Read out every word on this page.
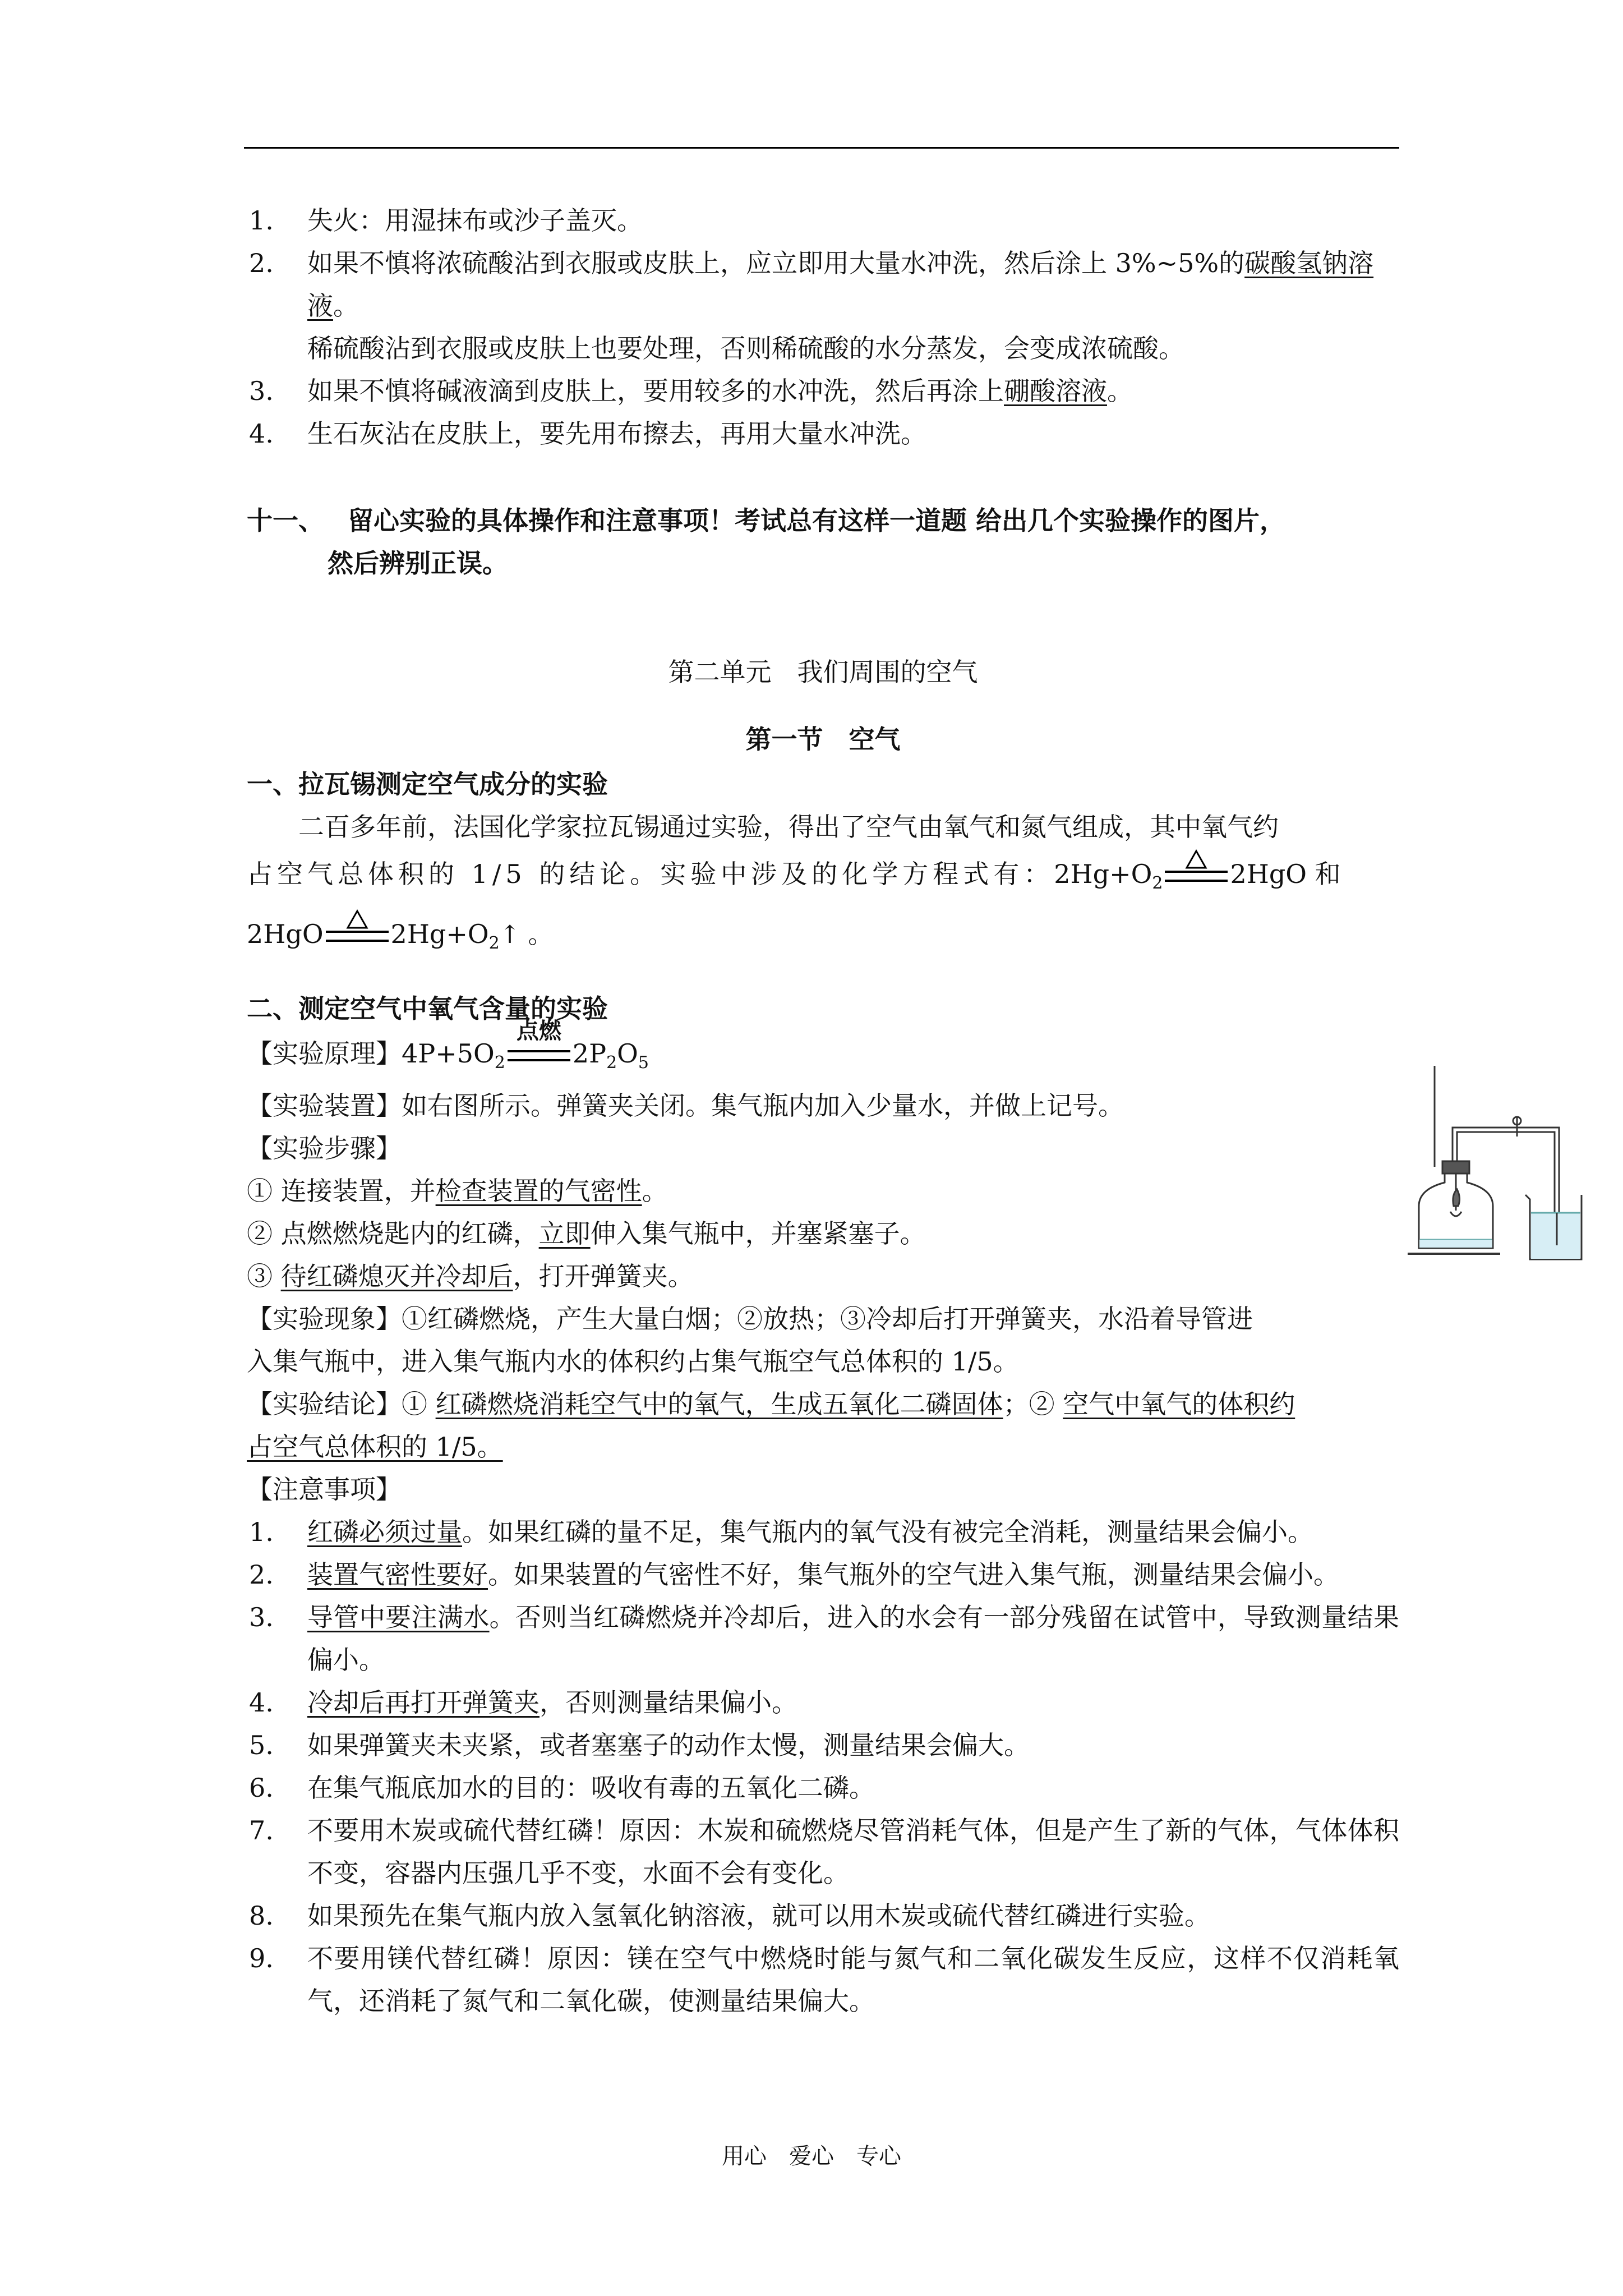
1. 失火：用湿抹布或沙子盖灭。
2. 如果不慎将浓硫酸沾到衣服或皮肤上，应立即用大量水冲洗，然后涂上 3%~5%的碳酸氢钠溶液。
稀硫酸沾到衣服或皮肤上也要处理，否则稀硫酸的水分蒸发，会变成浓硫酸。
3. 如果不慎将碱液滴到皮肤上，要用较多的水冲洗，然后再涂上硼酸溶液。
4. 生石灰沾在皮肤上，要先用布擦去，再用大量水冲洗。
十一、 留心实验的具体操作和注意事项！考试总有这样一道题 给出几个实验操作的图片，
然后辨别正误。
第二单元　我们周围的空气
第一节　空气
一、拉瓦锡测定空气成分的实验
二百多年前，法国化学家拉瓦锡通过实验，得出了空气由氧气和氮气组成，其中氧气约
占空气总体积的 1/5 的结论。实验中涉及的化学方程式有：$2Hg+O_2$	2HgO 和
2HgO	$2Hg+O_2↑$ 。
二、测定空气中氧气含量的实验
【实验原理】$4P+5O_2$
点燃
$2P_2O_5$
【实验装置】如右图所示。弹簧夹关闭。集气瓶内加入少量水，并做上记号。
【实验步骤】
① 连接装置，并检查装置的气密性。
② 点燃燃烧匙内的红磷，立即伸入集气瓶中，并塞紧塞子。
③ 待红磷熄灭并冷却后，打开弹簧夹。
【实验现象】①红磷燃烧，产生大量白烟；②放热；③冷却后打开弹簧夹，水沿着导管进
入集气瓶中，进入集气瓶内水的体积约占集气瓶空气总体积的 1/5。
【实验结论】① 红磷燃烧消耗空气中的氧气，生成五氧化二磷固体；② 空气中氧气的体积约
占空气总体积的 1/5。
【注意事项】
1. 红磷必须过量。如果红磷的量不足，集气瓶内的氧气没有被完全消耗，测量结果会偏小。
2. 装置气密性要好。如果装置的气密性不好，集气瓶外的空气进入集气瓶，测量结果会偏小。
3. 导管中要注满水。否则当红磷燃烧并冷却后，进入的水会有一部分残留在试管中，导致测量结果偏小。
4. 冷却后再打开弹簧夹，否则测量结果偏小。
5. 如果弹簧夹未夹紧，或者塞塞子的动作太慢，测量结果会偏大。
6. 在集气瓶底加水的目的：吸收有毒的五氧化二磷。
7. 不要用木炭或硫代替红磷！原因：木炭和硫燃烧尽管消耗气体，但是产生了新的气体，气体体积不变，容器内压强几乎不变，水面不会有变化。
8. 如果预先在集气瓶内放入氢氧化钠溶液，就可以用木炭或硫代替红磷进行实验。
9. 不要用镁代替红磷！原因：镁在空气中燃烧时能与氮气和二氧化碳发生反应，这样不仅消耗氧气，还消耗了氮气和二氧化碳，使测量结果偏大。
用心　爱心　专心
